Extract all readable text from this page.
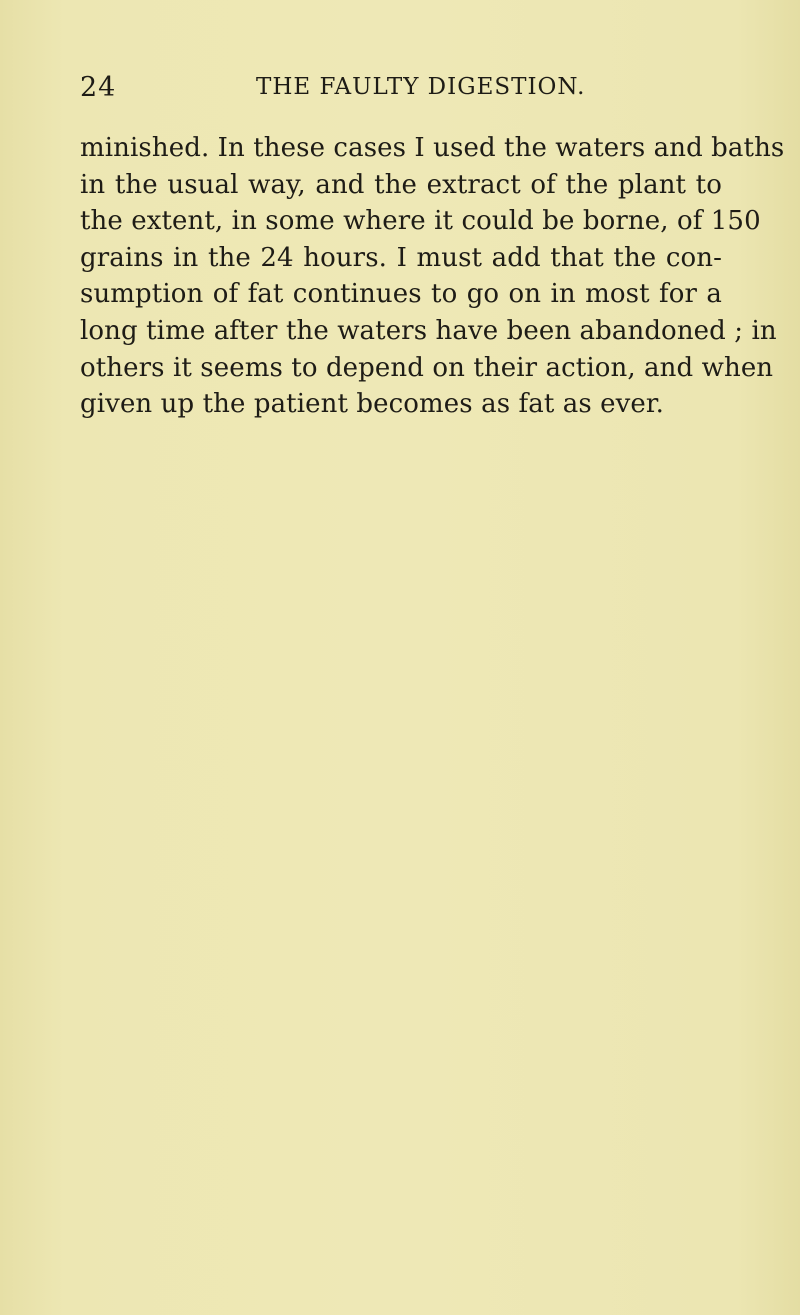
24	THE FAULTY DIGESTION.
minished. In these cases I used the waters and baths
in the usual way, and the extract of the plant to
the extent, in some where it could be borne, of 150
grains in the 24 hours. I must add that the con-
sumption of fat continues to go on in most for a
long time after the waters have been abandoned ; in
others it seems to depend on their action, and when
given up the patient becomes as fat as ever.
